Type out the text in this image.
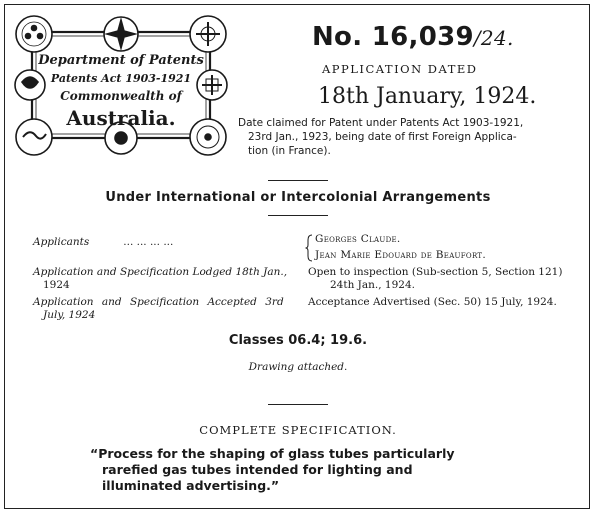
Department of Patents
Patents Act 1903-1921
Commonwealth of
Australia.
No. 16,039/24.
APPLICATION DATED
18th January, 1924.
Date claimed for Patent under Patents Act 1903-1921,
23rd Jan., 1923, being date of first Foreign Applica-
tion (in France).
Under International or Intercolonial Arrangements
Applicants	... ... ... ...	Georges Claude.
Jean Marie Edouard de Beaufort.
Application and Specification Lodged 18th Jan.,
1924
Open to inspection (Sub-section 5, Section 121)
24th Jan., 1924.
Application and Specification Accepted 3rd
July, 1924
Acceptance Advertised (Sec. 50) 15 July, 1924.
Classes 06.4; 19.6.
Drawing attached.
COMPLETE SPECIFICATION.
“Process for the shaping of glass tubes particularly
rarefied gas tubes intended for lighting and
illuminated advertising.”
